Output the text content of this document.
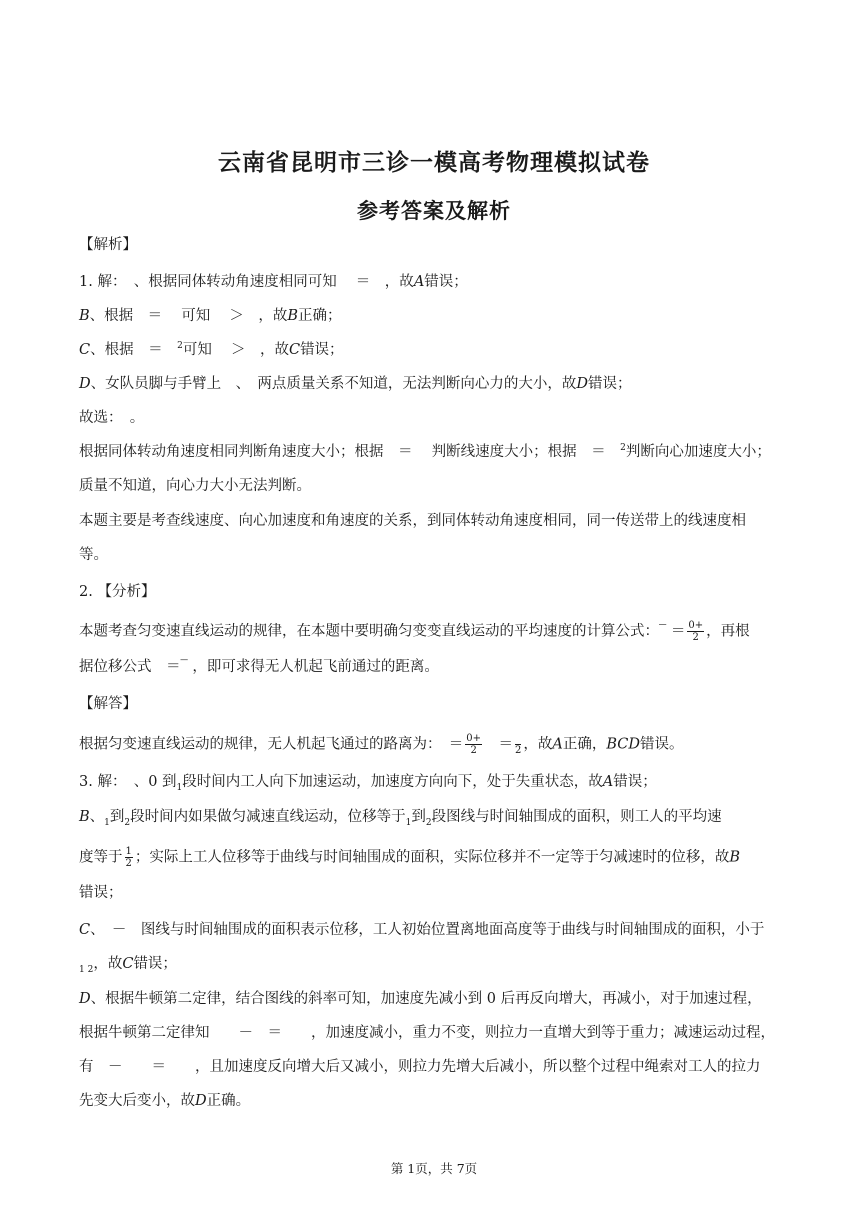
云南省昆明市三诊一模高考物理模拟试卷
参考答案及解析
【解析】
1. 解：　、根据同体转动角速度相同可知　 ＝　，故A错误；
B、根据　＝　 可知　 ＞　，故B正确；
C、根据　＝　$^2$可知　 ＞　，故C错误；
D、女队员脚与手臂上　、　两点质量关系不知道，无法判断向心力的大小，故D错误；
故选：　。
根据同体转动角速度相同判断角速度大小；根据　＝　 判断线速度大小；根据　＝　$^2$判断向心加速度大小；
质量不知道，向心力大小无法判断。
本题主要是考查线速度、向心加速度和角速度的关系，到同体转动角速度相同，同一传送带上的线速度相
等。
2. 【分析】
本题考查匀变速直线运动的规律，在本题中要明确匀变变直线运动的平均速度的计算公式：‾ ＝ $\frac{0+}{2}$ ，再根
据位移公式　＝‾ ，即可求得无人机起飞前通过的距离。
【解答】
根据匀变速直线运动的规律，无人机起飞通过的路离为：　 ＝ $\frac{0+}{2}$
　 ＝
2 ，故A正确，BCD错误。
3. 解：　、0 到$_1$段时间内工人向下加速运动，加速度方向向下，处于失重状态，故A错误；
B、$_1$到$_2$段时间内如果做匀减速直线运动，位移等于$_1$到$_2$段图线与时间轴围成的面积，则工人的平均速
度等于 $\frac{1}{2}$ ；实际上工人位移等于曲线与时间轴围成的面积，实际位移并不一定等于匀减速时的位移，故B
错误；
C、　－　图线与时间轴围成的面积表示位移，工人初始位置离地面高度等于曲线与时间轴围成的面积，小于
$_{1 2}$，故C错误；
D、根据牛顿第二定律，结合图线的斜率可知，加速度先减小到 0 后再反向增大，再减小，对于加速过程，
根据牛顿第二定律知　　－　＝　　，加速度减小，重力不变，则拉力一直增大到等于重力；减速运动过程，
有　－　　＝　　，且加速度反向增大后又减小，则拉力先增大后减小，所以整个过程中绳索对工人的拉力
先变大后变小，故D正确。
第 1页，共 7页
